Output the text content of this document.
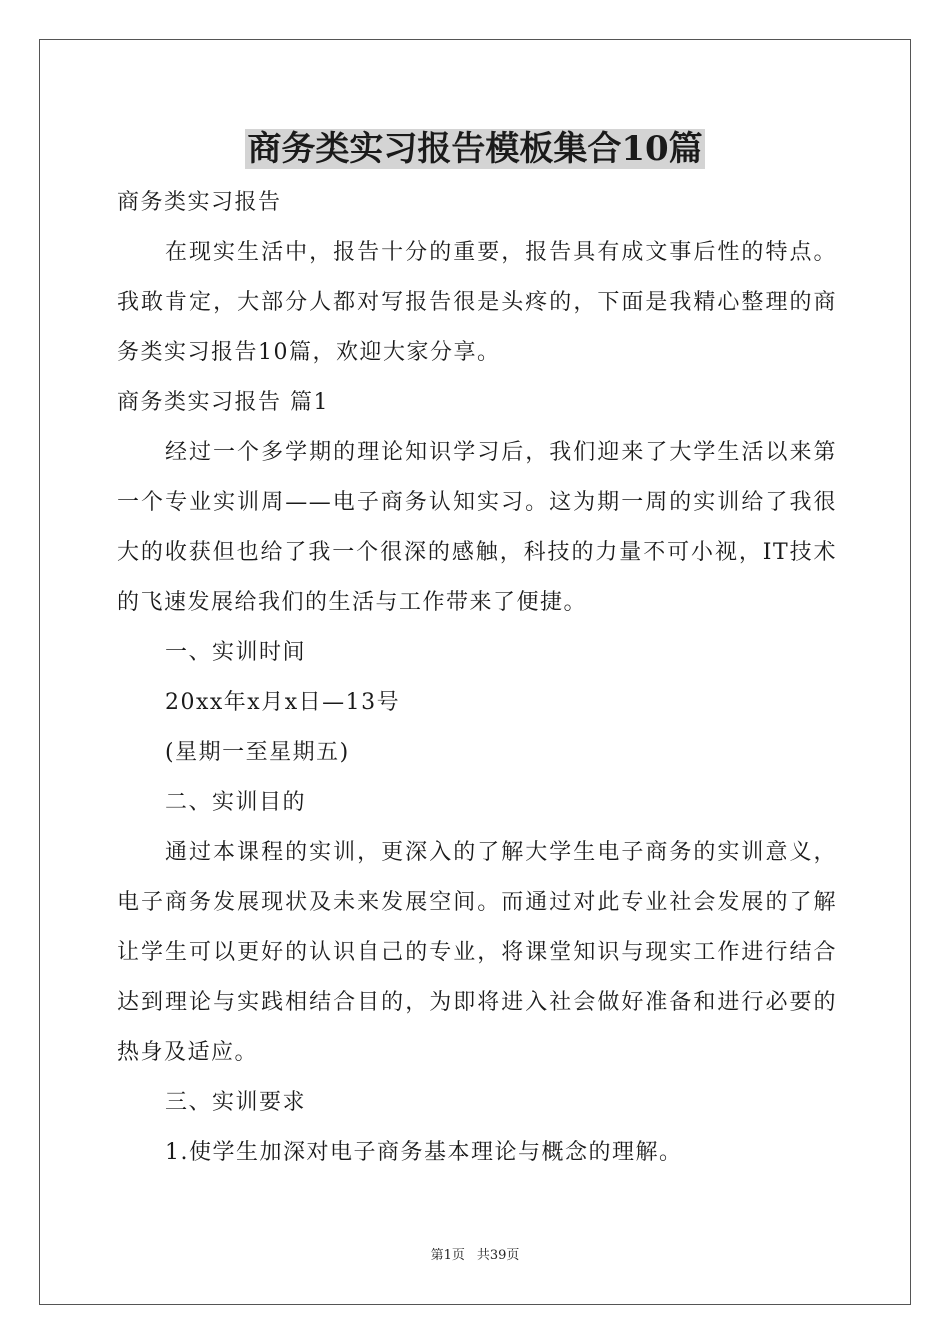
商务类实习报告模板集合10篇

商务类实习报告

在现实生活中，报告十分的重要，报告具有成文事后性的特点。我敢肯定，大部分人都对写报告很是头疼的，下面是我精心整理的商务类实习报告10篇，欢迎大家分享。

商务类实习报告 篇1

经过一个多学期的理论知识学习后，我们迎来了大学生活以来第一个专业实训周——电子商务认知实习。这为期一周的实训给了我很大的收获但也给了我一个很深的感触，科技的力量不可小视，IT技术的飞速发展给我们的生活与工作带来了便捷。

一、实训时间

20xx年x月x日—13号

(星期一至星期五)

二、实训目的

通过本课程的实训，更深入的了解大学生电子商务的实训意义，电子商务发展现状及未来发展空间。而通过对此专业社会发展的了解让学生可以更好的认识自己的专业，将课堂知识与现实工作进行结合达到理论与实践相结合目的，为即将进入社会做好准备和进行必要的热身及适应。

三、实训要求

1.使学生加深对电子商务基本理论与概念的理解。

第1页 共39页
